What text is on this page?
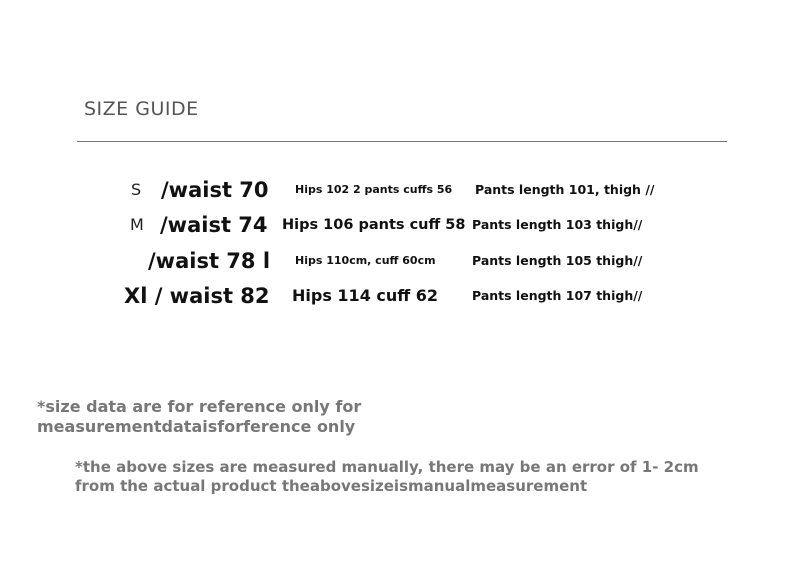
SIZE GUIDE
S /waist 70 Hips 102 2 pants cuffs 56 Pants length 101, thigh //
M /waist 74 Hips 106 pants cuff 58 Pants length 103 thigh//
/waist 78 l Hips 110cm, cuff 60cm	Pants length 105 thigh//
Xl / waist 82 Hips 114 cuff 62	Pants length 107 thigh//
*size data are for reference only for
measurementdataisforference only
*the above sizes are measured manually, there may be an error of 1- 2cm
from the actual product theabovesizeismanualmeasurement
